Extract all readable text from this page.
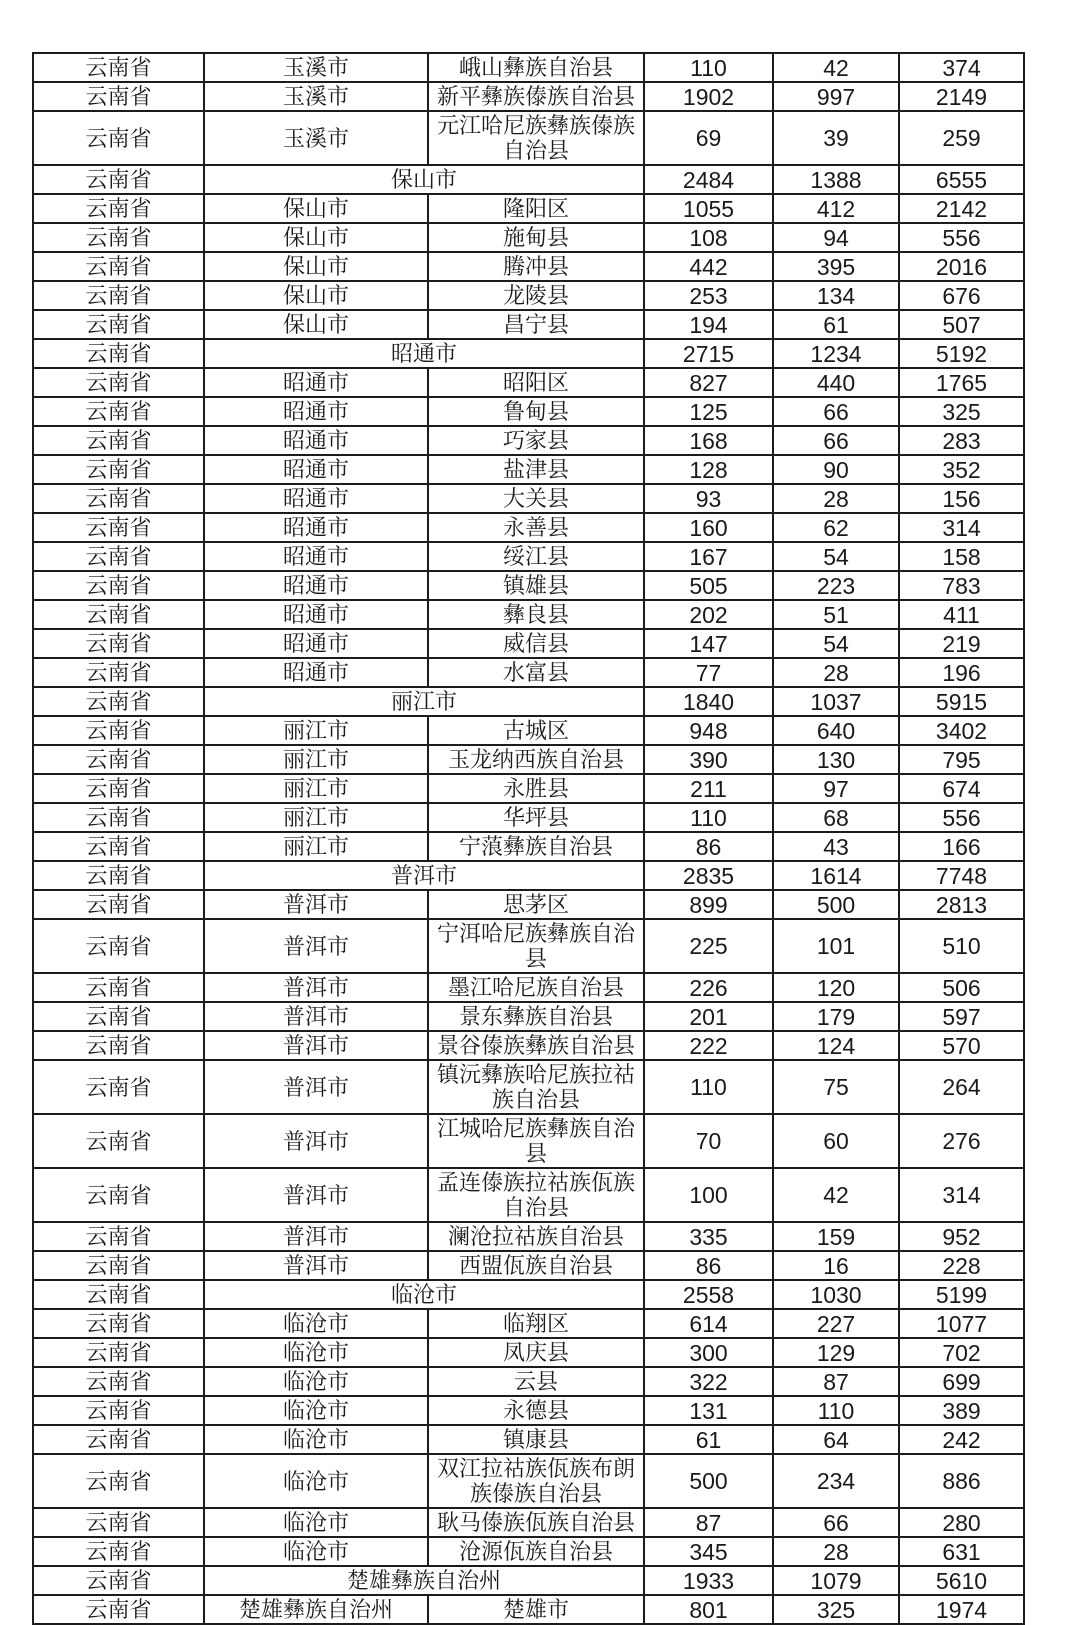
云南省	玉溪市	峨山彝族自治县	110	42	374
云南省	玉溪市	新平彝族傣族自治县	1902	997	2149
云南省	玉溪市	元江哈尼族彝族傣族自治县	69	39	259
云南省	保山市		2484	1388	6555
云南省	保山市	隆阳区	1055	412	2142
云南省	保山市	施甸县	108	94	556
云南省	保山市	腾冲县	442	395	2016
云南省	保山市	龙陵县	253	134	676
云南省	保山市	昌宁县	194	61	507
云南省	昭通市		2715	1234	5192
云南省	昭通市	昭阳区	827	440	1765
云南省	昭通市	鲁甸县	125	66	325
云南省	昭通市	巧家县	168	66	283
云南省	昭通市	盐津县	128	90	352
云南省	昭通市	大关县	93	28	156
云南省	昭通市	永善县	160	62	314
云南省	昭通市	绥江县	167	54	158
云南省	昭通市	镇雄县	505	223	783
云南省	昭通市	彝良县	202	51	411
云南省	昭通市	威信县	147	54	219
云南省	昭通市	水富县	77	28	196
云南省	丽江市		1840	1037	5915
云南省	丽江市	古城区	948	640	3402
云南省	丽江市	玉龙纳西族自治县	390	130	795
云南省	丽江市	永胜县	211	97	674
云南省	丽江市	华坪县	110	68	556
云南省	丽江市	宁蒗彝族自治县	86	43	166
云南省	普洱市		2835	1614	7748
云南省	普洱市	思茅区	899	500	2813
云南省	普洱市	宁洱哈尼族彝族自治县	225	101	510
云南省	普洱市	墨江哈尼族自治县	226	120	506
云南省	普洱市	景东彝族自治县	201	179	597
云南省	普洱市	景谷傣族彝族自治县	222	124	570
云南省	普洱市	镇沅彝族哈尼族拉祜族自治县	110	75	264
云南省	普洱市	江城哈尼族彝族自治县	70	60	276
云南省	普洱市	孟连傣族拉祜族佤族自治县	100	42	314
云南省	普洱市	澜沧拉祜族自治县	335	159	952
云南省	普洱市	西盟佤族自治县	86	16	228
云南省	临沧市		2558	1030	5199
云南省	临沧市	临翔区	614	227	1077
云南省	临沧市	凤庆县	300	129	702
云南省	临沧市	云县	322	87	699
云南省	临沧市	永德县	131	110	389
云南省	临沧市	镇康县	61	64	242
云南省	临沧市	双江拉祜族佤族布朗族傣族自治县	500	234	886
云南省	临沧市	耿马傣族佤族自治县	87	66	280
云南省	临沧市	沧源佤族自治县	345	28	631
云南省	楚雄彝族自治州		1933	1079	5610
云南省	楚雄彝族自治州	楚雄市	801	325	1974
